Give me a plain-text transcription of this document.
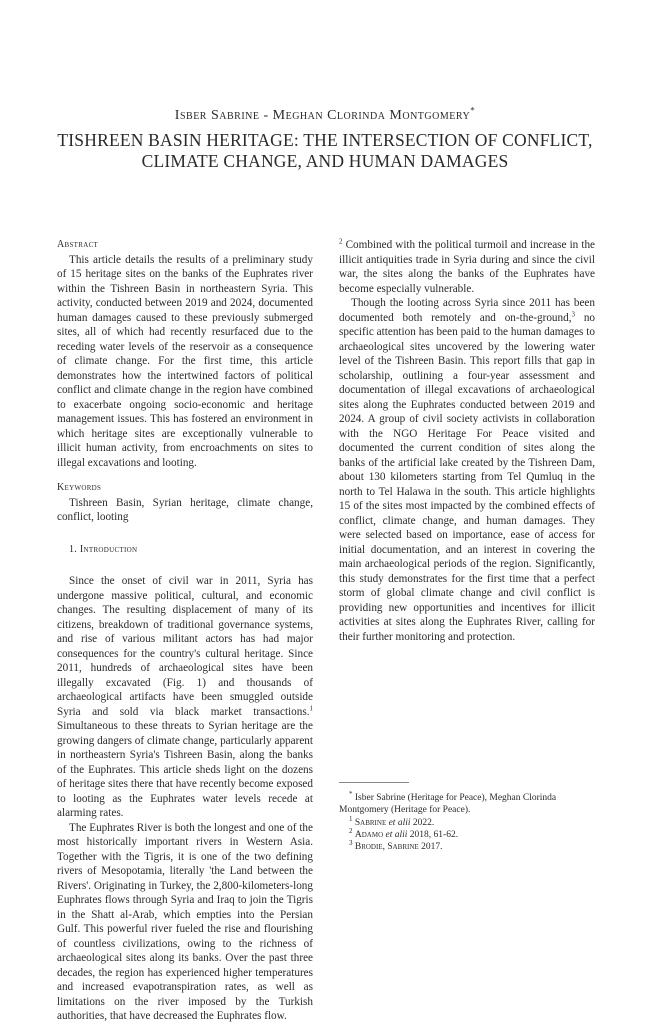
Isber Sabrine - Meghan Clorinda Montgomery*
TISHREEN BASIN HERITAGE: THE INTERSECTION OF CONFLICT,
CLIMATE CHANGE, AND HUMAN DAMAGES

Abstract

This article details the results of a preliminary study of 15 heritage sites on the banks of the Euphrates river within the Tishreen Basin in northeastern Syria. This activity, conducted between 2019 and 2024, documented human damages caused to these previously submerged sites, all of which had recently resurfaced due to the receding water levels of the reservoir as a consequence of climate change. For the first time, this article demonstrates how the intertwined factors of political conflict and climate change in the region have combined to exacerbate ongoing socio-economic and heritage management issues. This has fostered an environment in which heritage sites are exceptionally vulnerable to illicit human activity, from encroachments on sites to illegal excavations and looting.

Keywords

Tishreen Basin, Syrian heritage, climate change, conflict, looting

1. Introduction

Since the onset of civil war in 2011, Syria has undergone massive political, cultural, and economic changes. The resulting displacement of many of its citizens, breakdown of traditional governance systems, and rise of various militant actors has had major consequences for the country's cultural heritage. Since 2011, hundreds of archaeological sites have been illegally excavated (Fig. 1) and thousands of archaeological artifacts have been smuggled outside Syria and sold via black market transactions.$^1$ Simultaneous to these threats to Syrian heritage are the growing dangers of climate change, particularly apparent in northeastern Syria's Tishreen Basin, along the banks of the Euphrates. This article sheds light on the dozens of heritage sites there that have recently become exposed to looting as the Euphrates water levels recede at alarming rates.

The Euphrates River is both the longest and one of the most historically important rivers in Western Asia. Together with the Tigris, it is one of the two defining rivers of Mesopotamia, literally 'the Land between the Rivers'. Originating in Turkey, the 2,800-kilometers-long Euphrates flows through Syria and Iraq to join the Tigris in the Shatt al-Arab, which empties into the Persian Gulf. This powerful river fueled the rise and flourishing of countless civilizations, owing to the richness of archaeological sites along its banks. Over the past three decades, the region has experienced higher temperatures and increased evapotranspiration rates, as well as limitations on the river imposed by the Turkish authorities, that have decreased the Euphrates flow.

$^2$ Combined with the political turmoil and increase in the illicit antiquities trade in Syria during and since the civil war, the sites along the banks of the Euphrates have become especially vulnerable.

Though the looting across Syria since 2011 has been documented both remotely and on-the-ground,$^3$ no specific attention has been paid to the human damages to archaeological sites uncovered by the lowering water level of the Tishreen Basin. This report fills that gap in scholarship, outlining a four-year assessment and documentation of illegal excavations of archaeological sites along the Euphrates conducted between 2019 and 2024. A group of civil society activists in collaboration with the NGO Heritage For Peace visited and documented the current condition of sites along the banks of the artificial lake created by the Tishreen Dam, about 130 kilometers starting from Tel Qumluq in the north to Tel Halawa in the south. This article highlights 15 of the sites most impacted by the combined effects of conflict, climate change, and human damages. They were selected based on importance, ease of access for initial documentation, and an interest in covering the main archaeological periods of the region. Significantly, this study demonstrates for the first time that a perfect storm of global climate change and civil conflict is providing new opportunities and incentives for illicit activities at sites along the Euphrates River, calling for their further monitoring and protection.

* Isber Sabrine (Heritage for Peace), Meghan Clorinda Montgomery (Heritage for Peace).

$^1$ Sabrine et alii 2022.

$^2$ Adamo et alii 2018, 61-62.

$^3$ Brodie, Sabrine 2017.
